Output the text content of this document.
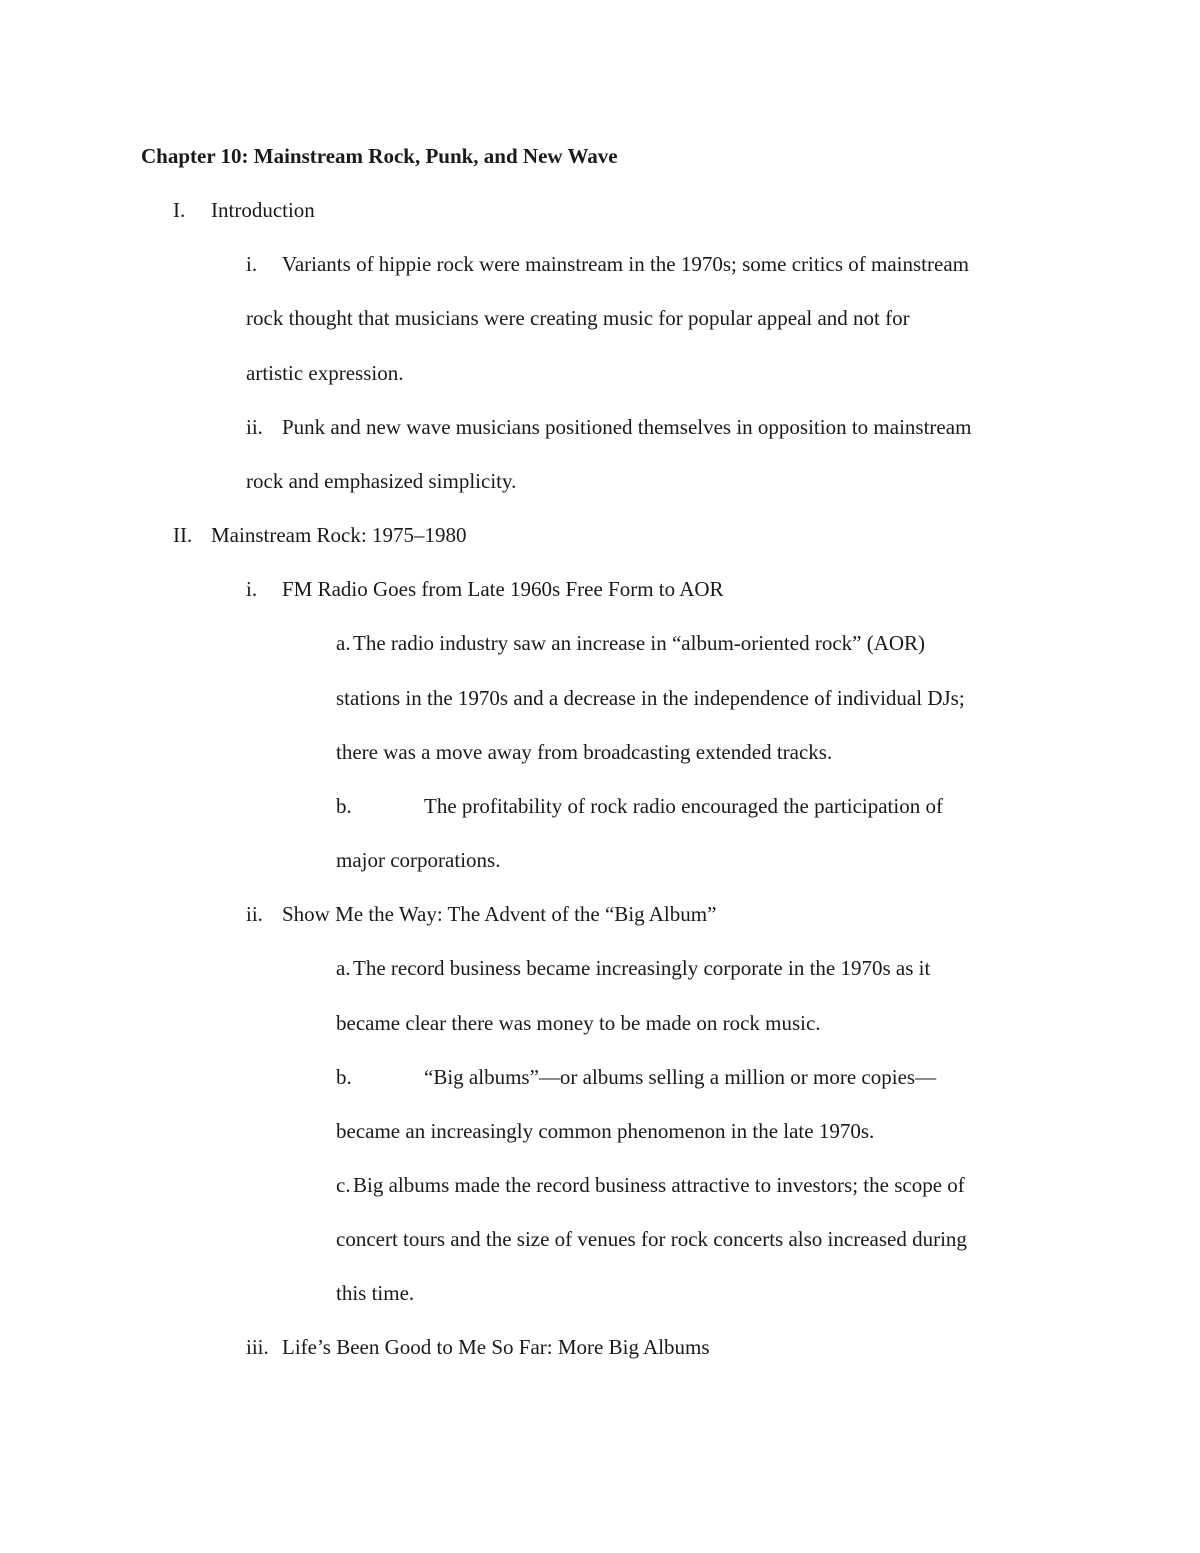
Chapter 10: Mainstream Rock, Punk, and New Wave
I. Introduction
i. Variants of hippie rock were mainstream in the 1970s; some critics of mainstream
rock thought that musicians were creating music for popular appeal and not for
artistic expression.
ii. Punk and new wave musicians positioned themselves in opposition to mainstream
rock and emphasized simplicity.
II. Mainstream Rock: 1975–1980
i. FM Radio Goes from Late 1960s Free Form to AOR
a. The radio industry saw an increase in “album-oriented rock” (AOR)
stations in the 1970s and a decrease in the independence of individual DJs;
there was a move away from broadcasting extended tracks.
b.	The profitability of rock radio encouraged the participation of
major corporations.
ii. Show Me the Way: The Advent of the “Big Album”
a. The record business became increasingly corporate in the 1970s as it
became clear there was money to be made on rock music.
b.	“Big albums”—or albums selling a million or more copies—
became an increasingly common phenomenon in the late 1970s.
c. Big albums made the record business attractive to investors; the scope of
concert tours and the size of venues for rock concerts also increased during
this time.
iii. Life’s Been Good to Me So Far: More Big Albums
